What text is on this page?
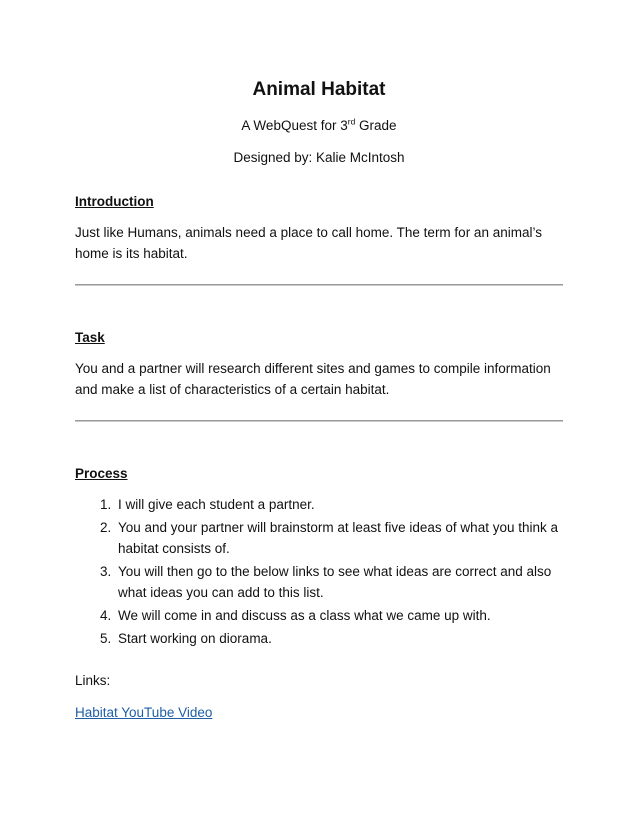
Animal Habitat
A WebQuest for 3rd Grade
Designed by: Kalie McIntosh
Introduction

Just like Humans, animals need a place to call home. The term for an animal’s home is its habitat.

Task

You and a partner will research different sites and games to compile information and make a list of characteristics of a certain habitat.

Process
1. I will give each student a partner.
2. You and your partner will brainstorm at least five ideas of what you think a habitat consists of.
3. You will then go to the below links to see what ideas are correct and also what ideas you can add to this list.
4. We will come in and discuss as a class what we came up with.
5. Start working on diorama.
Links:
Habitat YouTube Video
